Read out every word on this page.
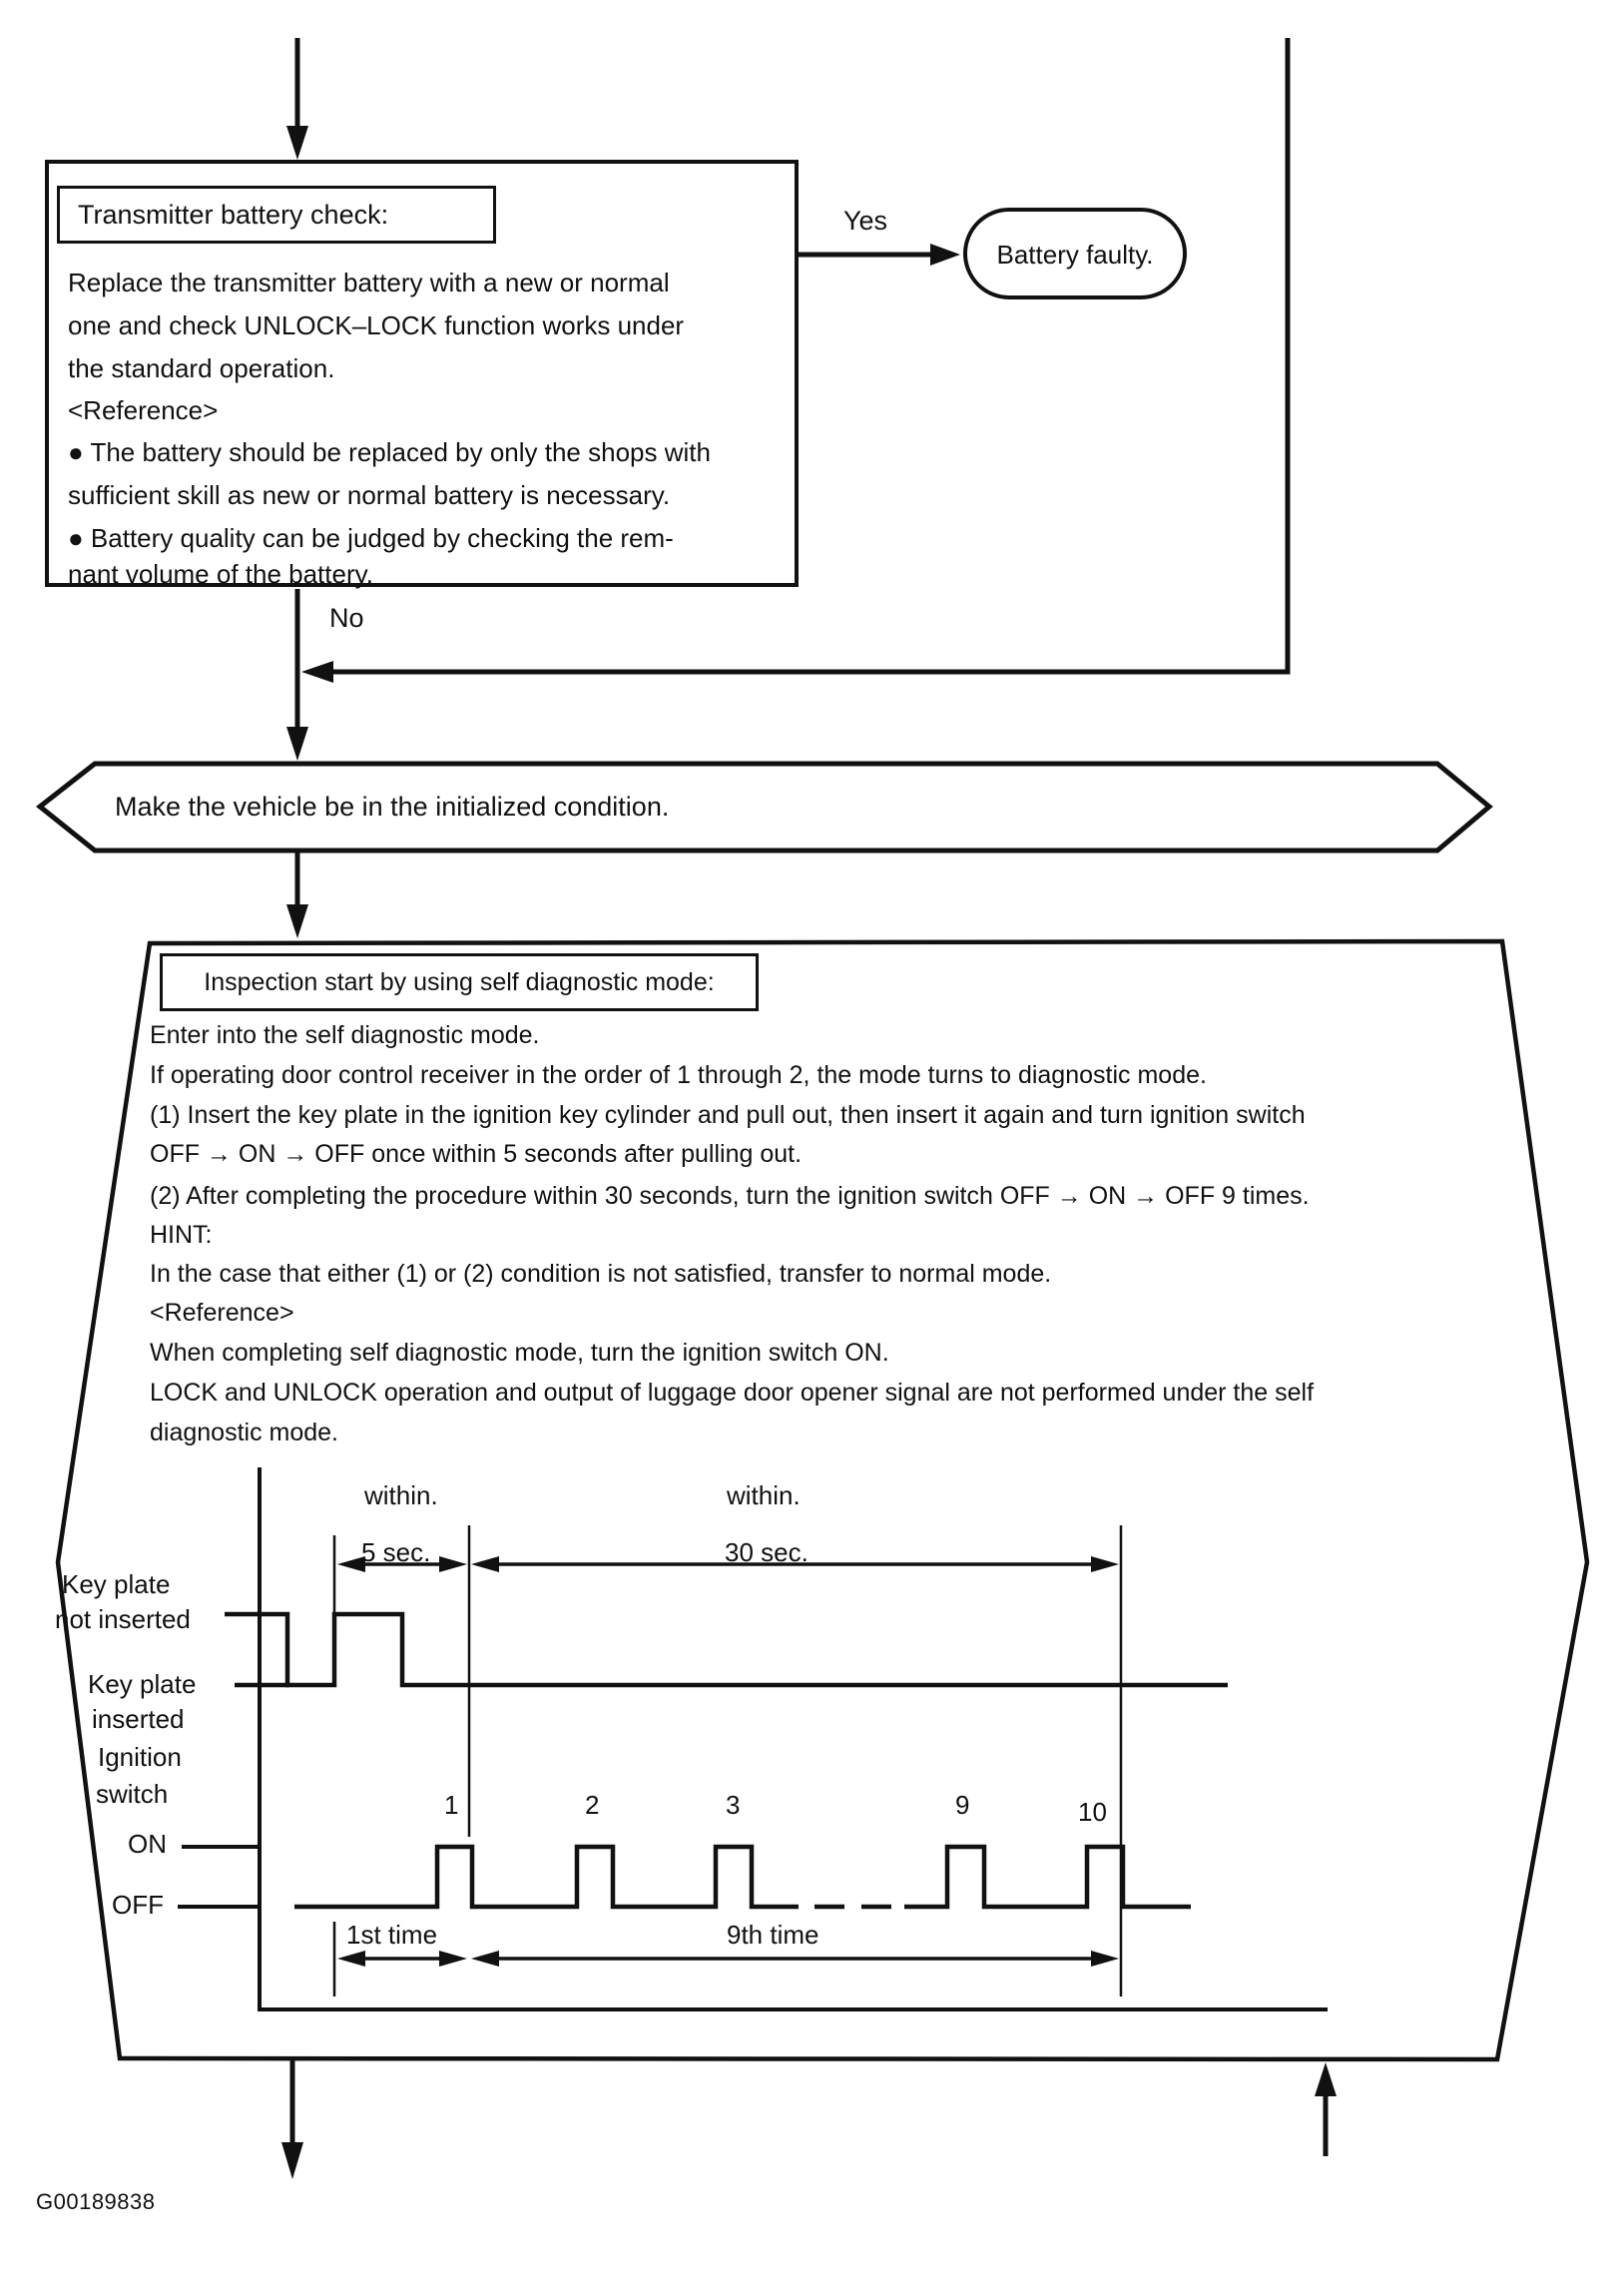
Transmitter battery check:
Replace the transmitter battery with a new or normal
one and check UNLOCK–LOCK function works under
the standard operation.
<Reference>
● The battery should be replaced by only the shops with
sufficient skill as new or normal battery is necessary.
● Battery quality can be judged by checking the rem-
nant volume of the battery.
Yes
No
Battery faulty.
Make the vehicle be in the initialized condition.
Inspection start by using self diagnostic mode:
Enter into the self diagnostic mode.
If operating door control receiver in the order of 1 through 2, the mode turns to diagnostic mode.
(1) Insert the key plate in the ignition key cylinder and pull out, then insert it again and turn ignition switch
OFF → ON → OFF once within 5 seconds after pulling out.
(2) After completing the procedure within 30 seconds, turn the ignition switch OFF → ON → OFF 9 times.
HINT:
In the case that either (1) or (2) condition is not satisfied, transfer to normal mode.
<Reference>
When completing self diagnostic mode, turn the ignition switch ON.
LOCK and UNLOCK operation and output of luggage door opener signal are not performed under the self
diagnostic mode.
within.
5 sec.
within.
30 sec.
Key plate
not inserted
Key plate
inserted
Ignition
switch
ON
OFF
1	2	3	9	10
1st time	9th time
G00189838
